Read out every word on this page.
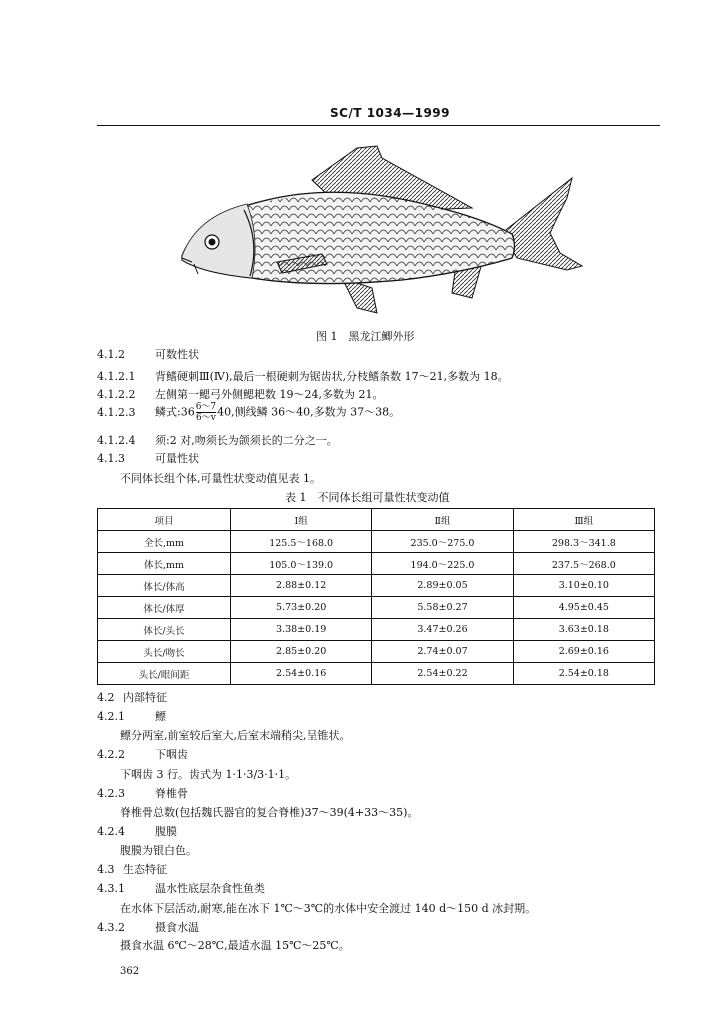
SC/T 1034—1999
图 1　黑龙江鲫外形
4.1.2	可数性状
4.1.2.1 背鳍硬刺Ⅲ(Ⅳ),最后一根硬刺为锯齿状,分枝鳍条数 17～21,多数为 18。
4.1.2.2 左侧第一鳃弓外侧鳃耙数 19～24,多数为 21。
4.1.2.3 鳞式:36 $\frac{6\sim 7}{6\sim v} 40$,侧线鳞 36～40,多数为 37～38。
4.1.2.4 须:2 对,吻须长为颌须长的二分之一。
4.1.3	可量性状
不同体长组个体,可量性状变动值见表 1。
表 1　不同体长组可量性状变动值
项目	Ⅰ组	Ⅱ组	Ⅲ组
全长,mm	125.5～168.0	235.0～275.0	298.3～341.8
体长,mm	105.0～139.0	194.0～225.0	237.5～268.0
体长/体高	2.88±0.12	2.89±0.05	3.10±0.10
体长/体厚	5.73±0.20	5.58±0.27	4.95±0.45
体长/头长	3.38±0.19	3.47±0.26	3.63±0.18
头长/吻长	2.85±0.20	2.74±0.07	2.69±0.16
头长/眼间距	2.54±0.16	2.54±0.22	2.54±0.18
4.2 内部特征
4.2.1	鳔
鳔分两室,前室较后室大,后室末端稍尖,呈锥状。
4.2.2	下咽齿
下咽齿 3 行。齿式为 1·1·3/3·1·1。
4.2.3	脊椎骨
脊椎骨总数(包括魏氏器官的复合脊椎)37～39(4+33～35)。
4.2.4	腹膜
腹膜为银白色。
4.3 生态特征
4.3.1	温水性底层杂食性鱼类
在水体下层活动,耐寒,能在冰下 1℃～3℃的水体中安全渡过 140 d～150 d 冰封期。
4.3.2	摄食水温
摄食水温 6℃～28℃,最适水温 15℃～25℃。
362
